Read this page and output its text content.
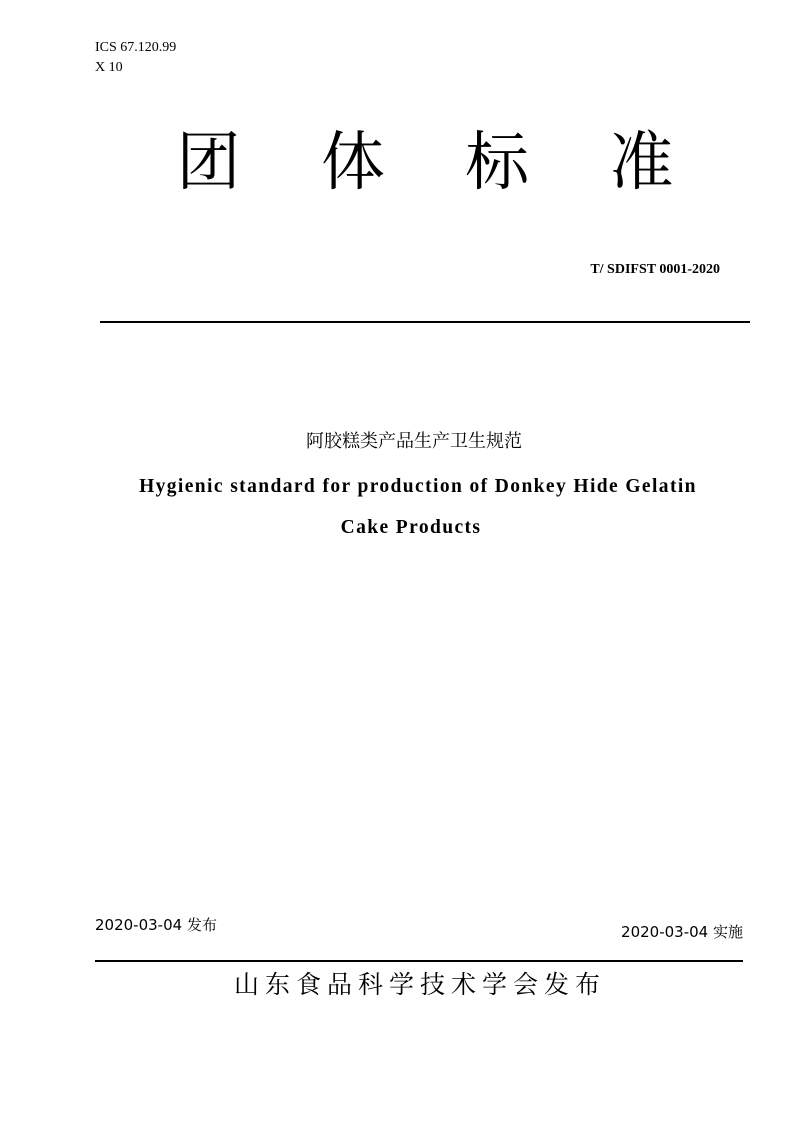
ICS 67.120.99
X 10
团 体 标 准
T/ SDIFST 0001-2020
阿胶糕类产品生产卫生规范
Hygienic standard for production of Donkey Hide Gelatin
Cake Products
2020-03-04 发布	2020-03-04 实施
山东食品科学技术学会发布
